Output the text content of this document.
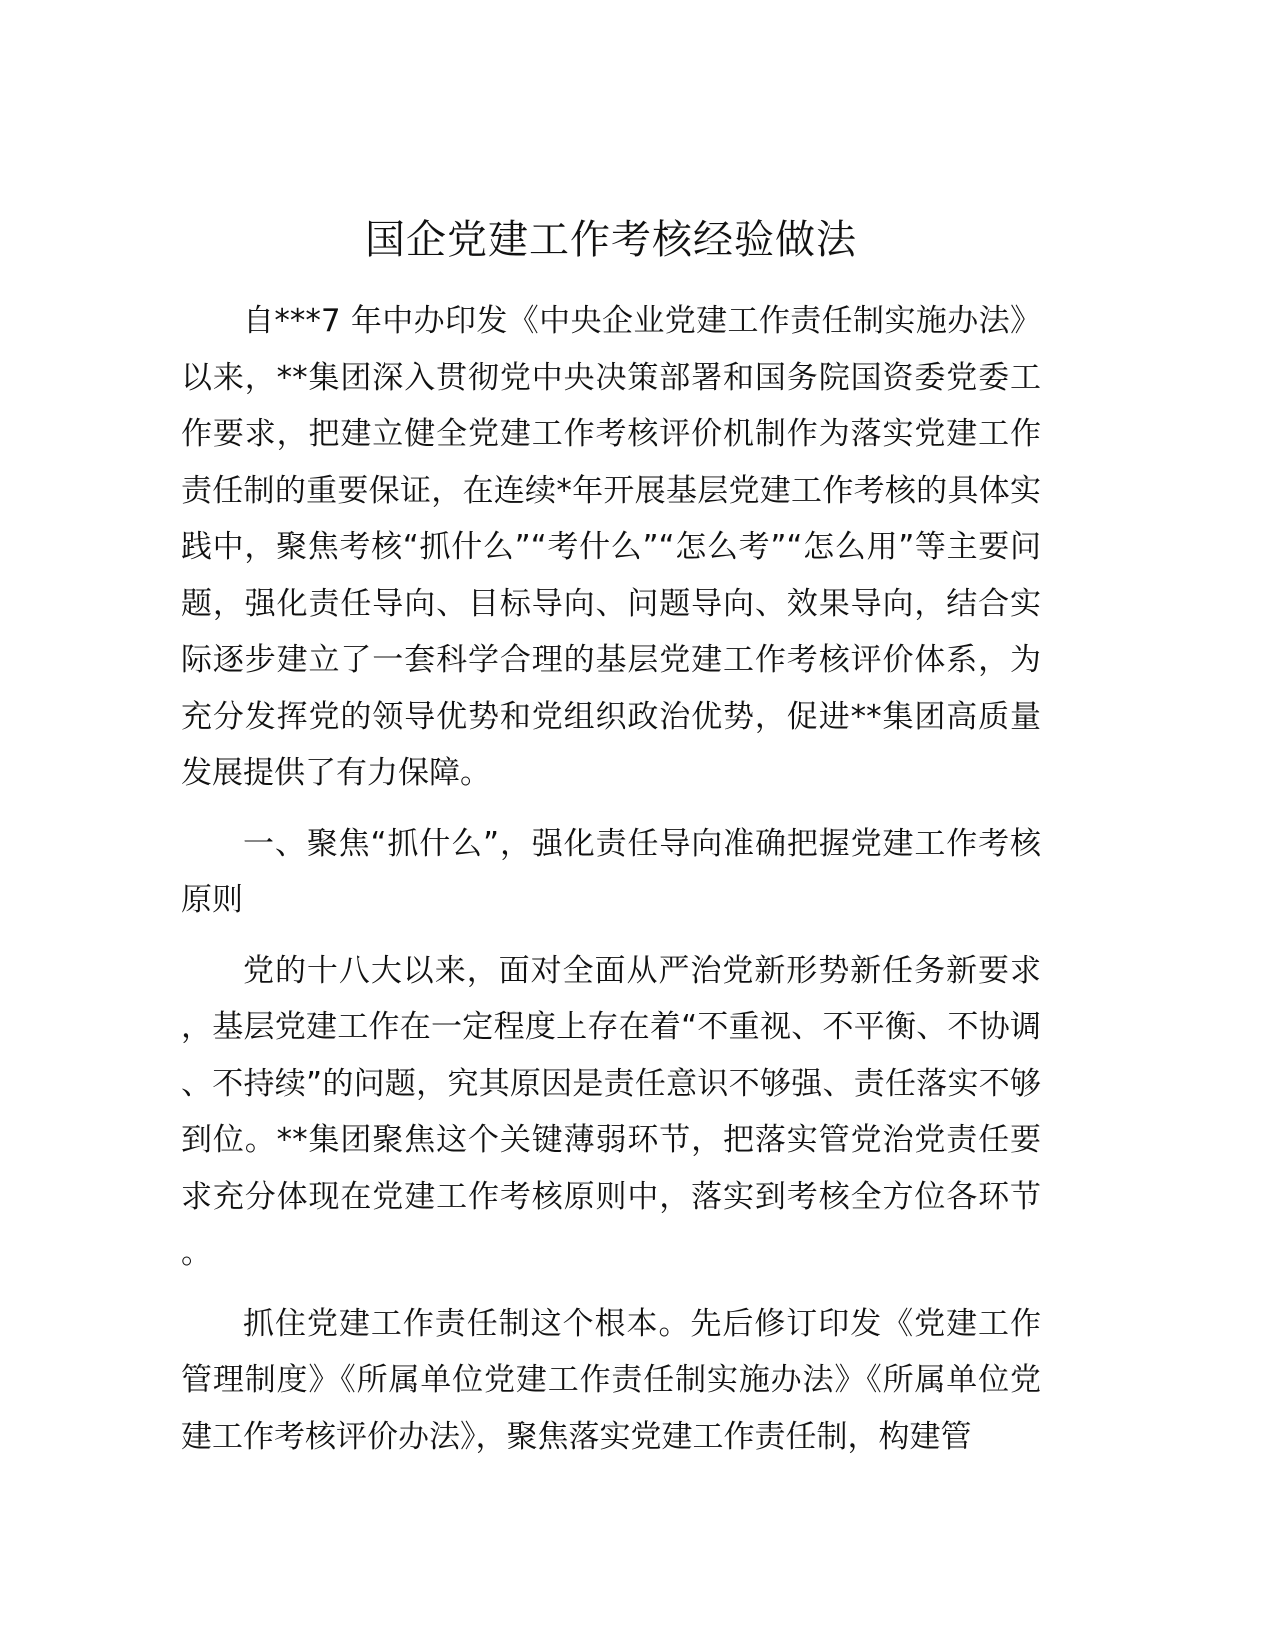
国企党建工作考核经验做法

自***7 年中办印发《中央企业党建工作责任制实施办法》以来，**集团深入贯彻党中央决策部署和国务院国资委党委工作要求，把建立健全党建工作考核评价机制作为落实党建工作责任制的重要保证，在连续*年开展基层党建工作考核的具体实践中，聚焦考核“抓什么”“考什么”“怎么考”“怎么用”等主要问题，强化责任导向、目标导向、问题导向、效果导向，结合实际逐步建立了一套科学合理的基层党建工作考核评价体系，为充分发挥党的领导优势和党组织政治优势，促进**集团高质量发展提供了有力保障。

一、聚焦“抓什么”，强化责任导向准确把握党建工作考核原则

党的十八大以来，面对全面从严治党新形势新任务新要求，基层党建工作在一定程度上存在着“不重视、不平衡、不协调、不持续”的问题，究其原因是责任意识不够强、责任落实不够到位。**集团聚焦这个关键薄弱环节，把落实管党治党责任要求充分体现在党建工作考核原则中，落实到考核全方位各环节。

抓住党建工作责任制这个根本。先后修订印发《党建工作管理制度》《所属单位党建工作责任制实施办法》《所属单位党建工作考核评价办法》，聚焦落实党建工作责任制，构建管
